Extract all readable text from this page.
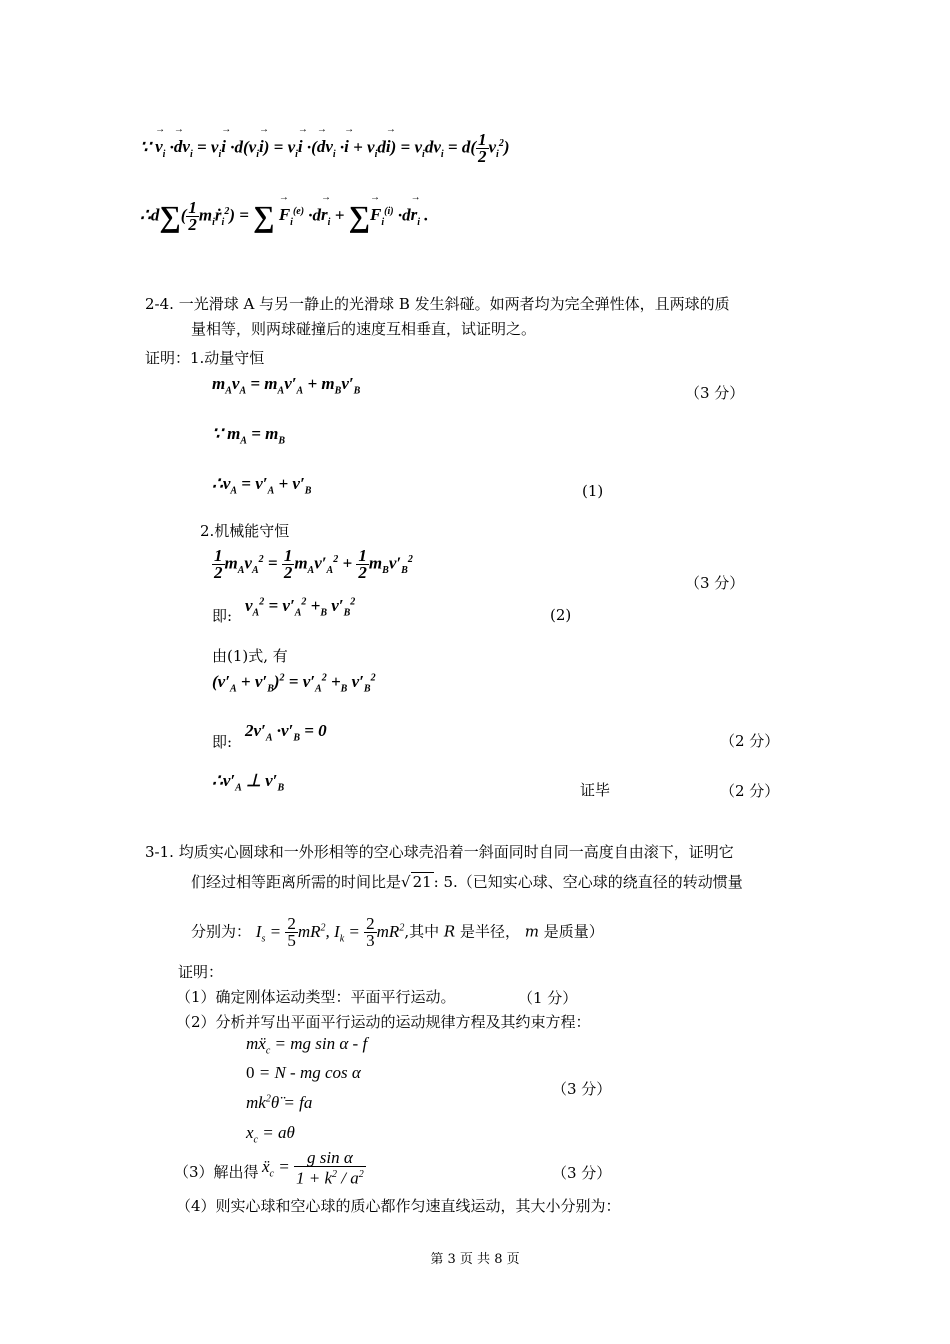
∵ → $v_i \cdot\to dv_i = v_i\to i \cdot d(v_i\to i) = v_i\to i$ ·(→ $dv_i \cdot\to i + v_id\to i) = v_idv_i = d( \frac{1}{2} v_i^2)$
∴d∑( $\frac{1}{2}$ $m_iṙ_i^2$) = ∑ → $F_i^{(e)} \cdot d\to r_i$ + ∑→ $F_i^{(i)} \cdot d\to r_i$ .
2-4. 一光滑球 A 与另一静止的光滑球 B 发生斜碰。如两者均为完全弹性体，且两球的质
量相等，则两球碰撞后的速度互相垂直，试证明之。
证明：1.动量守恒
$m_Av_A = m_Av'_A + m_Bv'_B$	（3 分）
∵ $m_A = m_B$
$\therefore v_A = v'_A + v'_B$	(1)
2.机械能守恒
$\frac{1}{2} m_Av_A^2 = \frac{1}{2} m_Av'_A^2 + \frac{1}{2} m_Bv'_B^2$
（3 分）
即:
$v_A^2 = v'_A^2 +_B$ $v'_B^2$
(2)
由(1)式, 有
$(v'_A + v'_B)^2 = v'_A^2 +_B$ $v'_B^2$
即:
$2v'_A \cdot v'_B = 0$
（2 分）
$\therefore v'_A$ ⊥ $v'_B$	证毕	（2 分）
3-1. 均质实心圆球和一外形相等的空心球壳沿着一斜面同时自同一高度自由滚下，证明它
们经过相等距离所需的时间比是√ 21 : 5.（已知实心球、空心球的绕直径的转动惯量
分别为： $I_s = \frac{2}{5} mR^2$, $I_k = \frac{2}{3} mR^2$,其中 R 是半径， m 是质量）
证明：
（1）确定刚体运动类型：平面平行运动。	（1 分）
（2）分析并写出平面平行运动的运动规律方程及其约束方程：
mẍ$_c$ = mg sin α - f
0 = N - mg cos α
$mk^2\thetä$ = fa
$x_c = a\theta$
（3 分）
（3）解出得 ẍ$_c$ = $\frac{\text{g sin α}}{1 + k^2 / a^2}$	（3 分）
（4）则实心球和空心球的质心都作匀速直线运动，其大小分别为：
第 3 页 共 8 页
